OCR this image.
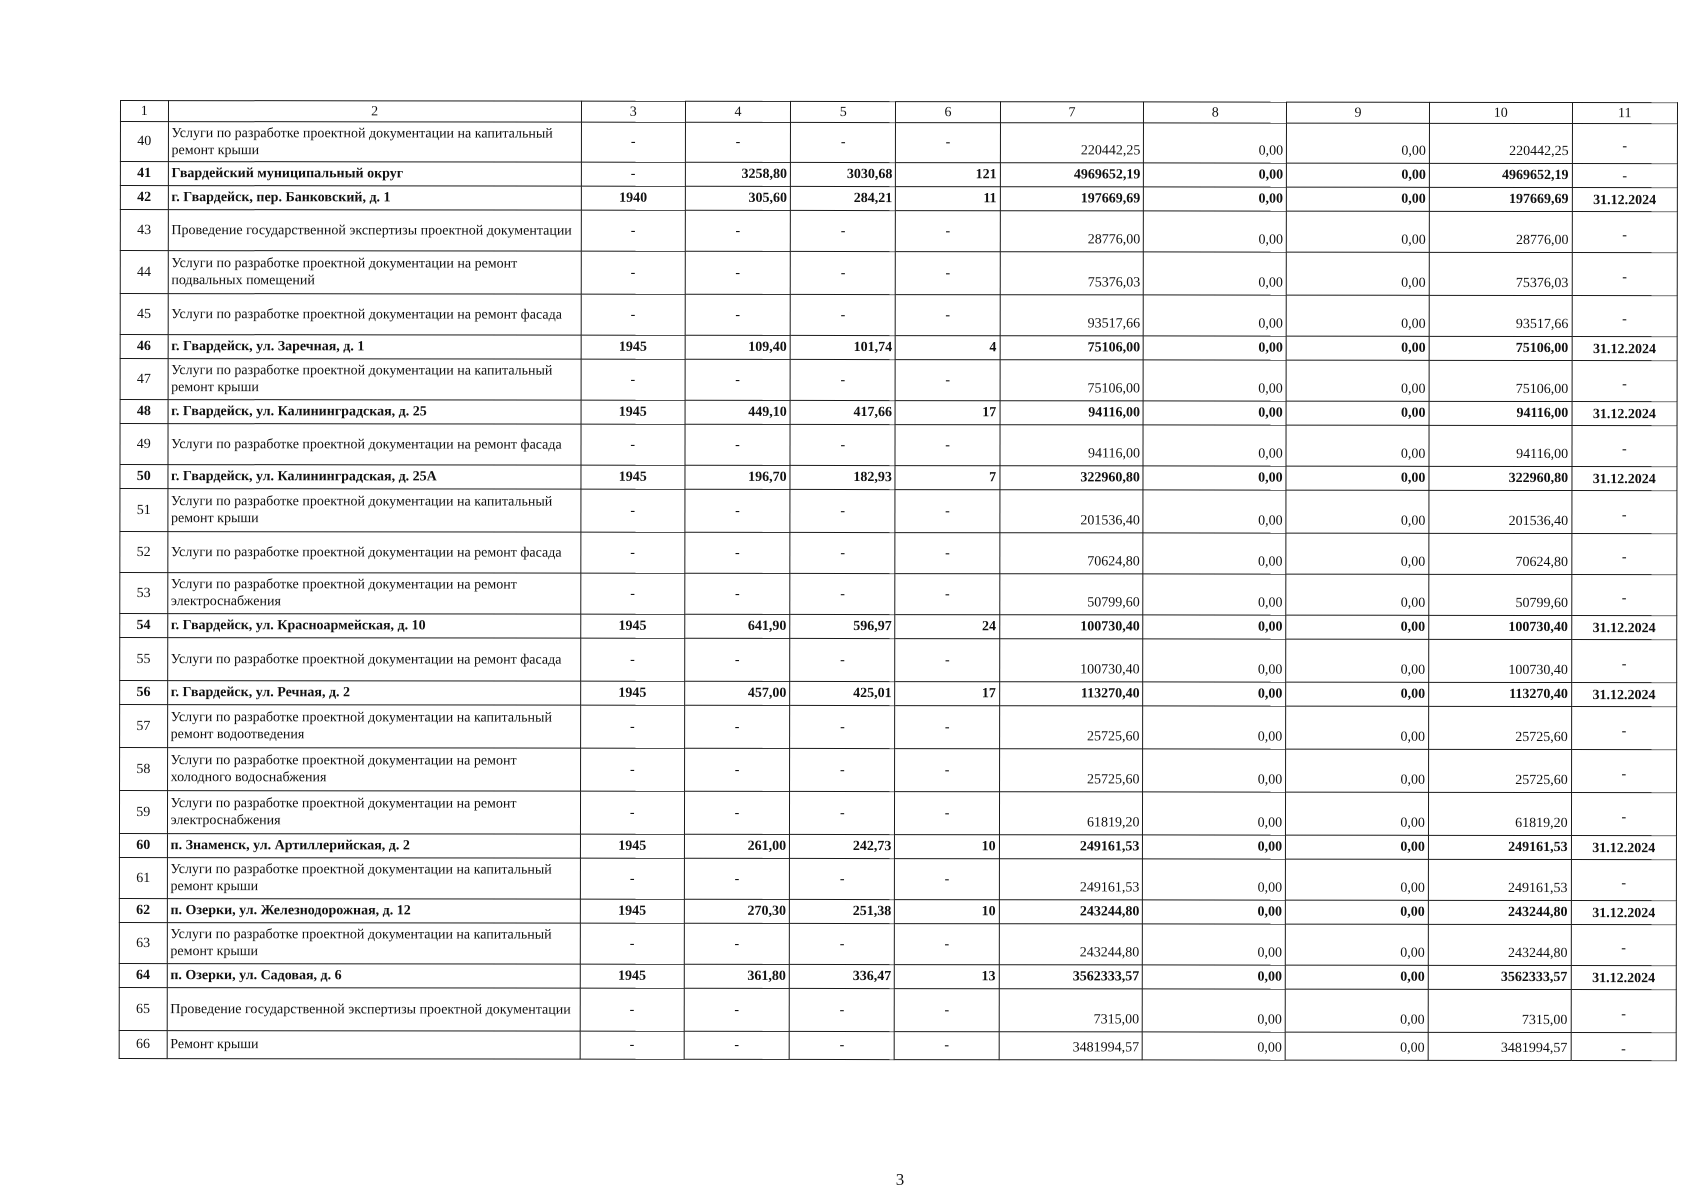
1	2	3	4	5	6	7	8	9	10	11
40	Услуги по разработке проектной документации на капитальный ремонт крыши	-	-	-	-	220442,25	0,00	0,00	220442,25	-
41	Гвардейский муниципальный округ	-	3258,80	3030,68	121	4969652,19	0,00	0,00	4969652,19	-
42	г. Гвардейск, пер. Банковский, д. 1	1940	305,60	284,21	11	197669,69	0,00	0,00	197669,69	31.12.2024
43	Проведение государственной экспертизы проектной документации	-	-	-	-	28776,00	0,00	0,00	28776,00	-
44	Услуги по разработке проектной документации на ремонт подвальных помещений	-	-	-	-	75376,03	0,00	0,00	75376,03	-
45	Услуги по разработке проектной документации на ремонт фасада	-	-	-	-	93517,66	0,00	0,00	93517,66	-
46	г. Гвардейск, ул. Заречная, д. 1	1945	109,40	101,74	4	75106,00	0,00	0,00	75106,00	31.12.2024
47	Услуги по разработке проектной документации на капитальный ремонт крыши	-	-	-	-	75106,00	0,00	0,00	75106,00	-
48	г. Гвардейск, ул. Калининградская, д. 25	1945	449,10	417,66	17	94116,00	0,00	0,00	94116,00	31.12.2024
49	Услуги по разработке проектной документации на ремонт фасада	-	-	-	-	94116,00	0,00	0,00	94116,00	-
50	г. Гвардейск, ул. Калининградская, д. 25А	1945	196,70	182,93	7	322960,80	0,00	0,00	322960,80	31.12.2024
51	Услуги по разработке проектной документации на капитальный ремонт крыши	-	-	-	-	201536,40	0,00	0,00	201536,40	-
52	Услуги по разработке проектной документации на ремонт фасада	-	-	-	-	70624,80	0,00	0,00	70624,80	-
53	Услуги по разработке проектной документации на ремонт электроснабжения	-	-	-	-	50799,60	0,00	0,00	50799,60	-
54	г. Гвардейск, ул. Красноармейская, д. 10	1945	641,90	596,97	24	100730,40	0,00	0,00	100730,40	31.12.2024
55	Услуги по разработке проектной документации на ремонт фасада	-	-	-	-	100730,40	0,00	0,00	100730,40	-
56	г. Гвардейск, ул. Речная, д. 2	1945	457,00	425,01	17	113270,40	0,00	0,00	113270,40	31.12.2024
57	Услуги по разработке проектной документации на капитальный ремонт водоотведения	-	-	-	-	25725,60	0,00	0,00	25725,60	-
58	Услуги по разработке проектной документации на ремонт холодного водоснабжения	-	-	-	-	25725,60	0,00	0,00	25725,60	-
59	Услуги по разработке проектной документации на ремонт электроснабжения	-	-	-	-	61819,20	0,00	0,00	61819,20	-
60	п. Знаменск, ул. Артиллерийская, д. 2	1945	261,00	242,73	10	249161,53	0,00	0,00	249161,53	31.12.2024
61	Услуги по разработке проектной документации на капитальный ремонт крыши	-	-	-	-	249161,53	0,00	0,00	249161,53	-
62	п. Озерки, ул. Железнодорожная, д. 12	1945	270,30	251,38	10	243244,80	0,00	0,00	243244,80	31.12.2024
63	Услуги по разработке проектной документации на капитальный ремонт крыши	-	-	-	-	243244,80	0,00	0,00	243244,80	-
64	п. Озерки, ул. Садовая, д. 6	1945	361,80	336,47	13	3562333,57	0,00	0,00	3562333,57	31.12.2024
65	Проведение государственной экспертизы проектной документации	-	-	-	-	7315,00	0,00	0,00	7315,00	-
66	Ремонт крыши	-	-	-	-	3481994,57	0,00	0,00	3481994,57	-
3
